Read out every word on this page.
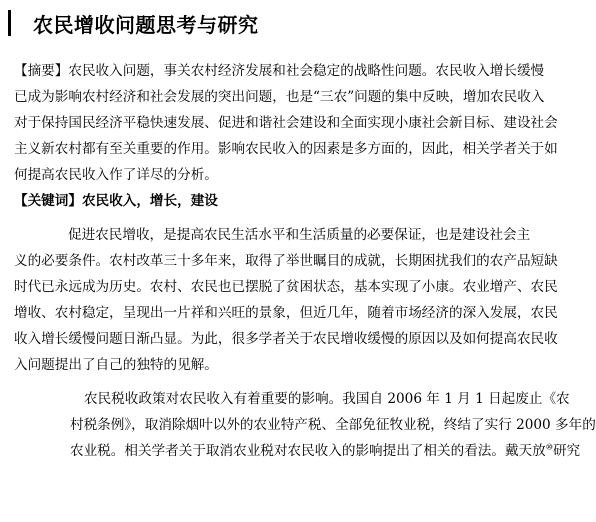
农民增收问题思考与研究
【摘要】农民收入问题，事关农村经济发展和社会稳定的战略性问题。农民收入增长缓慢
已成为影响农村经济和社会发展的突出问题，也是“三农”问题的集中反映，增加农民收入
对于保持国民经济平稳快速发展、促进和谐社会建设和全面实现小康社会新目标、建设社会
主义新农村都有至关重要的作用。影响农民收入的因素是多方面的，因此，相关学者关于如
何提高农民收入作了详尽的分析。
【关键词】农民收入，增长，建设
促进农民增收，是提高农民生活水平和生活质量的必要保证，也是建设社会主
义的必要条件。农村改革三十多年来，取得了举世瞩目的成就，长期困扰我们的农产品短缺
时代已永远成为历史。农村、农民也已摆脱了贫困状态，基本实现了小康。农业增产、农民
增收、农村稳定，呈现出一片祥和兴旺的景象，但近几年，随着市场经济的深入发展，农民
收入增长缓慢问题日渐凸显。为此，很多学者关于农民增收缓慢的原因以及如何提高农民收
入问题提出了自己的独特的见解。
农民税收政策对农民收入有着重要的影响。我国自 2006 年 1 月 1 日起废止《农
村税条例》，取消除烟叶以外的农业特产税、全部免征牧业税，终结了实行 2000 多年的
农业税。相关学者关于取消农业税对农民收入的影响提出了相关的看法。戴天放⑩研究
